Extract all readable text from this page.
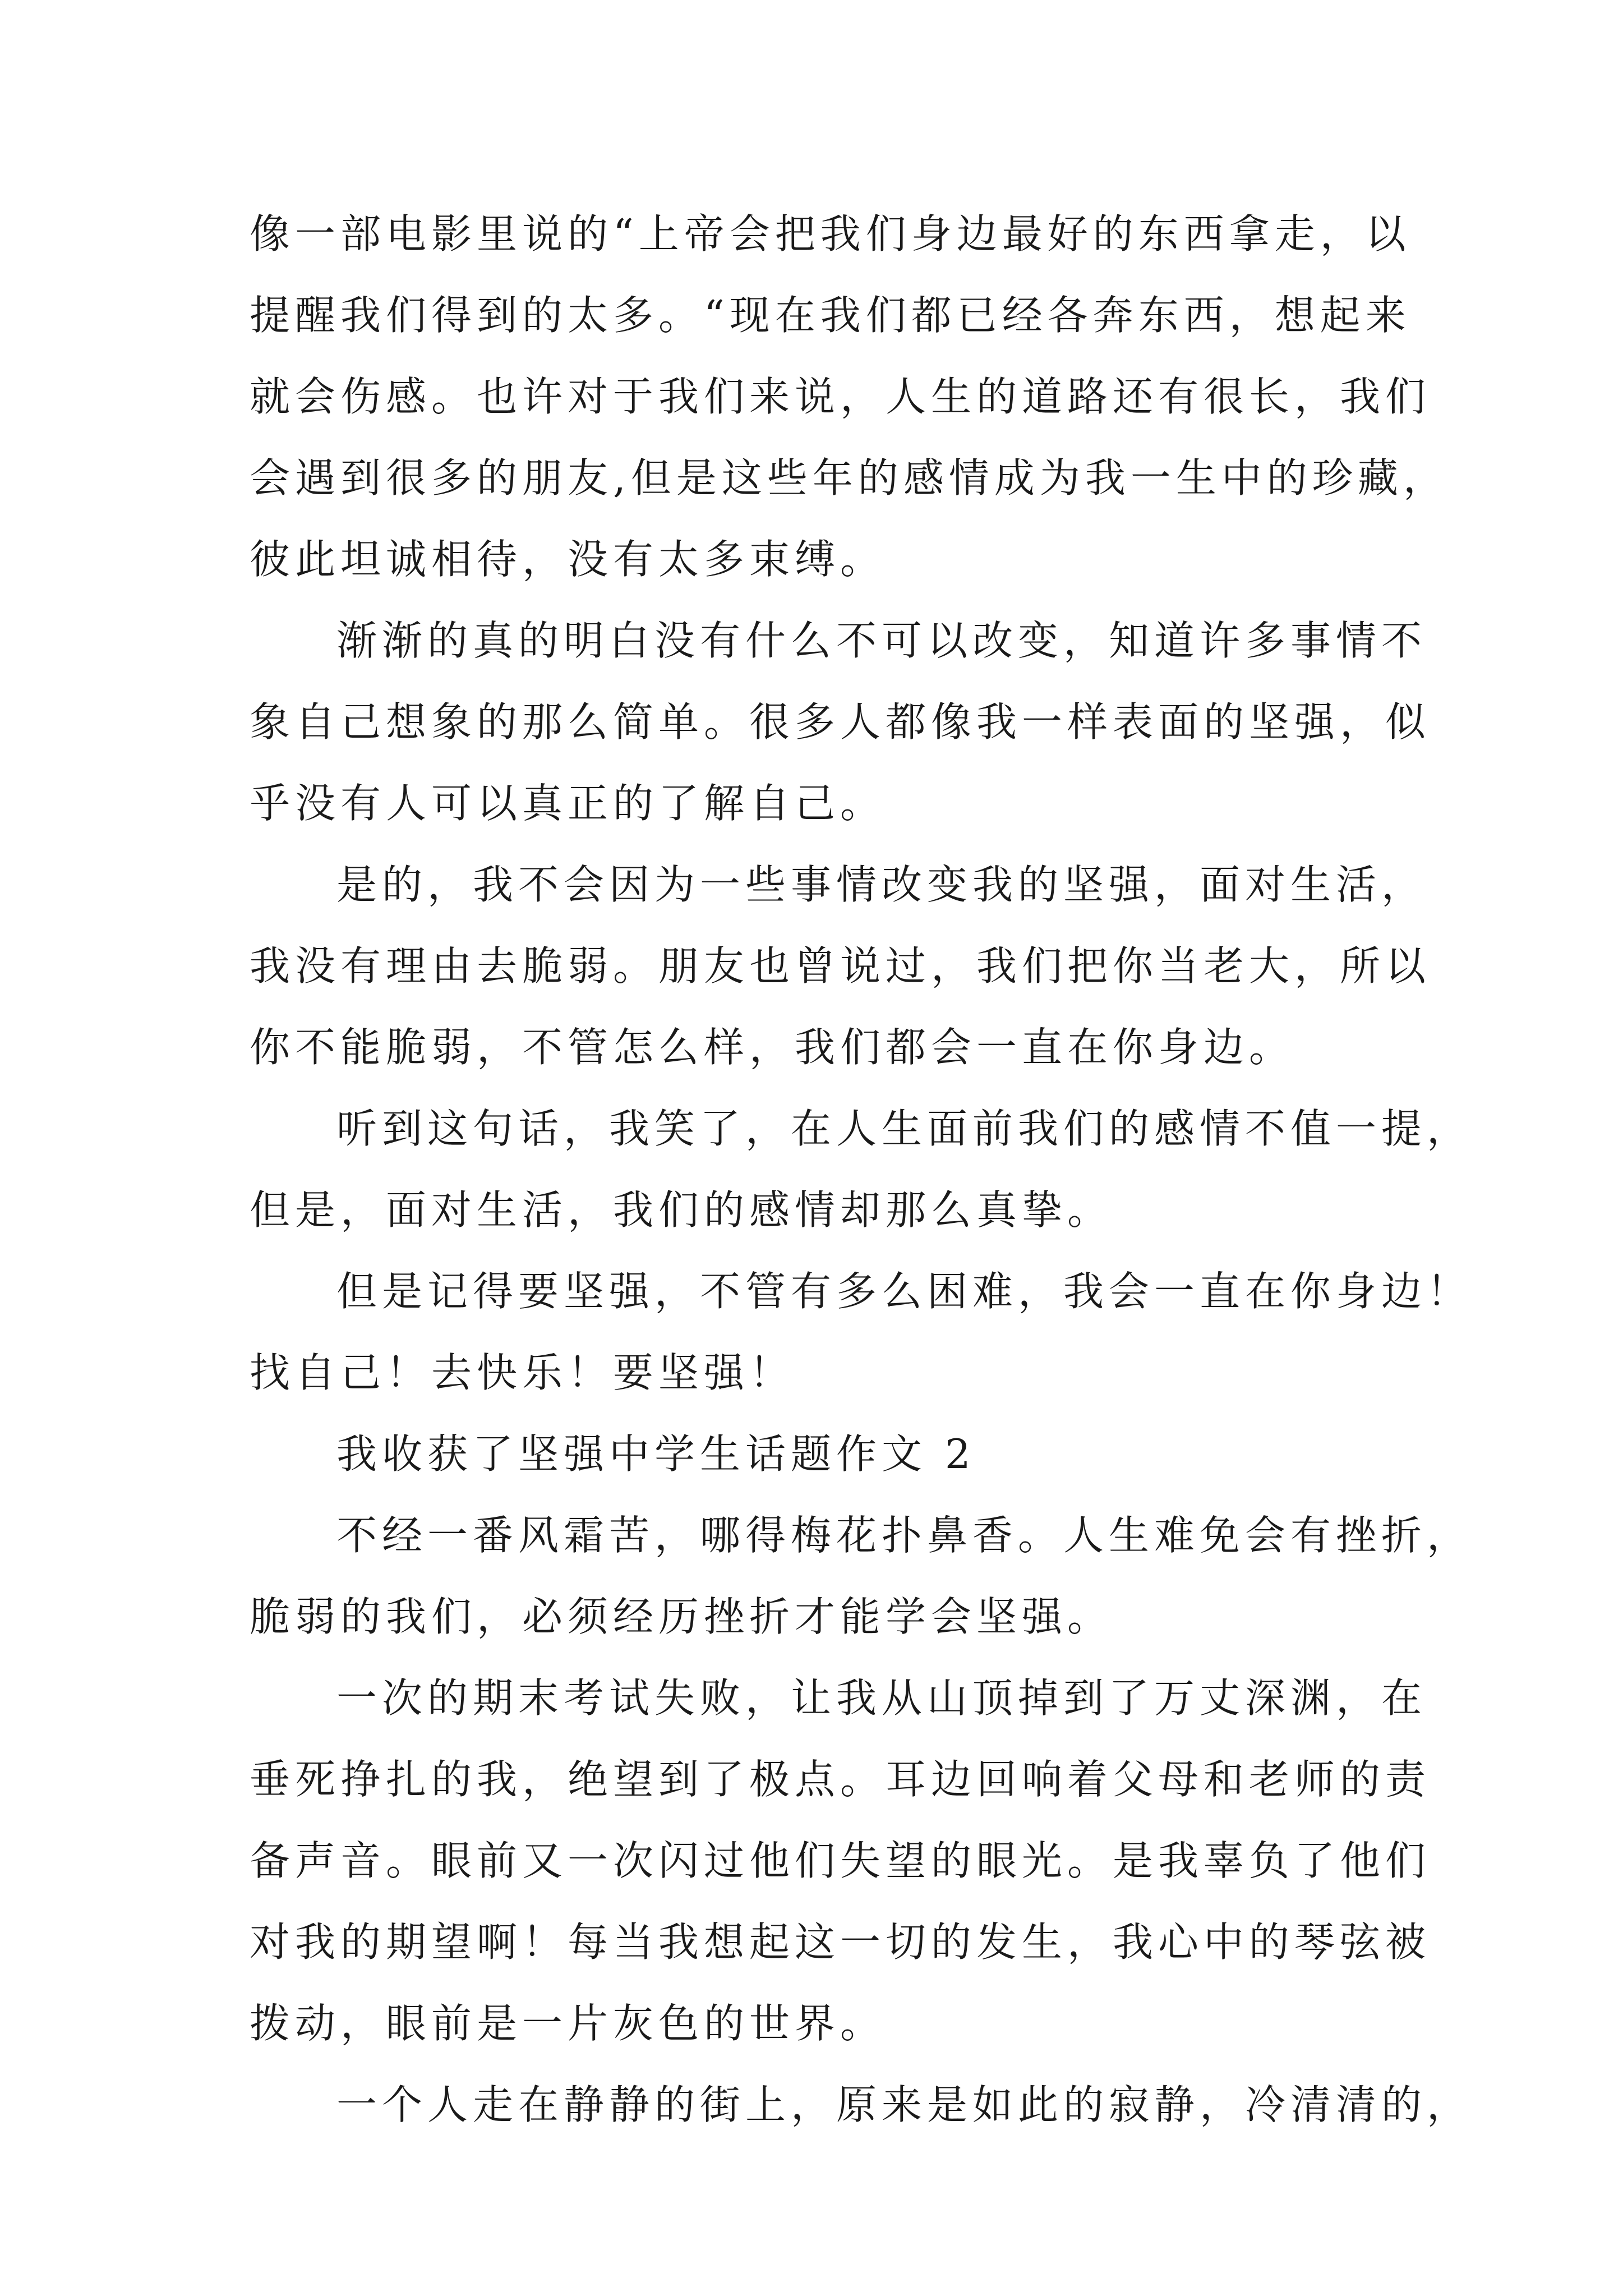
像一部电影里说的“上帝会把我们身边最好的东西拿走，以
提醒我们得到的太多。“现在我们都已经各奔东西，想起来
就会伤感。也许对于我们来说，人生的道路还有很长，我们
会遇到很多的朋友,但是这些年的感情成为我一生中的珍藏，
彼此坦诚相待，没有太多束缚。
渐渐的真的明白没有什么不可以改变，知道许多事情不
象自己想象的那么简单。很多人都像我一样表面的坚强，似
乎没有人可以真正的了解自己。
是的，我不会因为一些事情改变我的坚强，面对生活，
我没有理由去脆弱。朋友也曾说过，我们把你当老大，所以
你不能脆弱，不管怎么样，我们都会一直在你身边。
听到这句话，我笑了，在人生面前我们的感情不值一提，
但是，面对生活，我们的感情却那么真挚。
但是记得要坚强，不管有多么困难，我会一直在你身边！
找自己！去快乐！要坚强！
我收获了坚强中学生话题作文 2
不经一番风霜苦，哪得梅花扑鼻香。人生难免会有挫折，
脆弱的我们，必须经历挫折才能学会坚强。
一次的期末考试失败，让我从山顶掉到了万丈深渊，在
垂死挣扎的我，绝望到了极点。耳边回响着父母和老师的责
备声音。眼前又一次闪过他们失望的眼光。是我辜负了他们
对我的期望啊！每当我想起这一切的发生，我心中的琴弦被
拨动，眼前是一片灰色的世界。
一个人走在静静的街上，原来是如此的寂静，冷清清的，
